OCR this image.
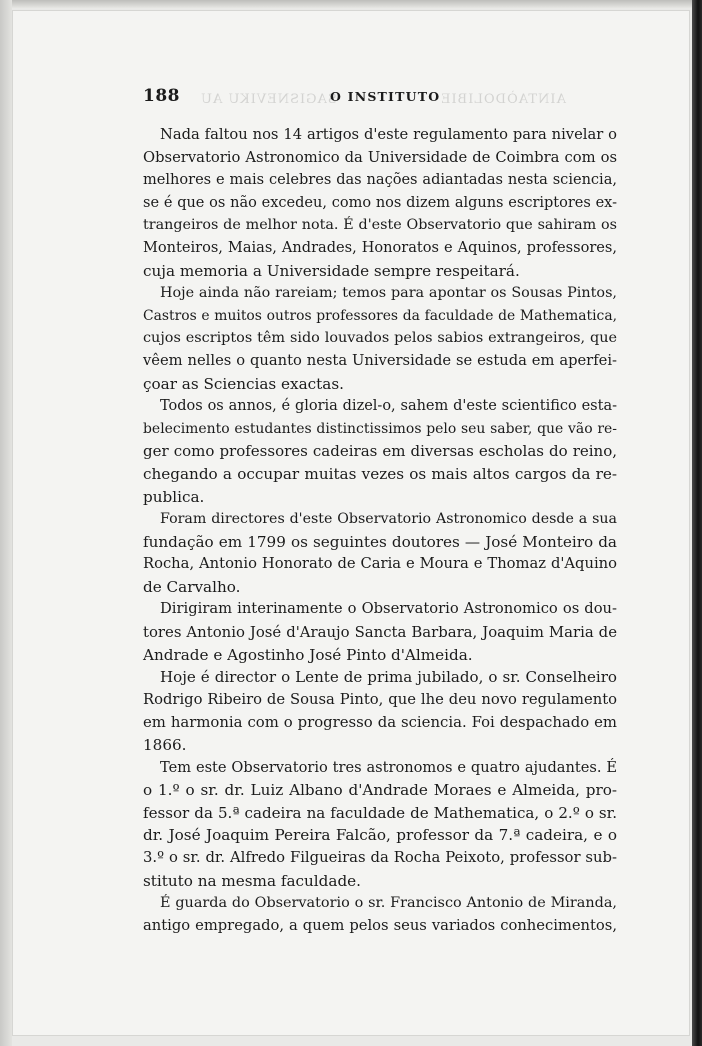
SAGISNEVIKU AU	AINTAÒDOLIBIE
188	O INSTITUTO
Nada faltou nos 14 artigos d'este regulamento para nivelar o
Observatorio Astronomico da Universidade de Coimbra com os
melhores e mais celebres das nações adiantadas nesta sciencia,
se é que os não excedeu, como nos dizem alguns escriptores ex-
trangeiros de melhor nota. É d'este Observatorio que sahiram os
Monteiros, Maias, Andrades, Honoratos e Aquinos, professores,
cuja memoria a Universidade sempre respeitará.
Hoje ainda não rareiam; temos para apontar os Sousas Pintos,
Castros e muitos outros professores da faculdade de Mathematica,
cujos escriptos têm sido louvados pelos sabios extrangeiros, que
vêem nelles o quanto nesta Universidade se estuda em aperfei-
çoar as Sciencias exactas.
Todos os annos, é gloria dizel-o, sahem d'este scientifico esta-
belecimento estudantes distinctissimos pelo seu saber, que vão re-
ger como professores cadeiras em diversas escholas do reino,
chegando a occupar muitas vezes os mais altos cargos da re-
publica.
Foram directores d'este Observatorio Astronomico desde a sua
fundação em 1799 os seguintes doutores — José Monteiro da
Rocha, Antonio Honorato de Caria e Moura e Thomaz d'Aquino
de Carvalho.
Dirigiram interinamente o Observatorio Astronomico os dou-
tores Antonio José d'Araujo Sancta Barbara, Joaquim Maria de
Andrade e Agostinho José Pinto d'Almeida.
Hoje é director o Lente de prima jubilado, o sr. Conselheiro
Rodrigo Ribeiro de Sousa Pinto, que lhe deu novo regulamento
em harmonia com o progresso da sciencia. Foi despachado em
1866.
Tem este Observatorio tres astronomos e quatro ajudantes. É
o 1.º o sr. dr. Luiz Albano d'Andrade Moraes e Almeida, pro-
fessor da 5.ª cadeira na faculdade de Mathematica, o 2.º o sr.
dr. José Joaquim Pereira Falcão, professor da 7.ª cadeira, e o
3.º o sr. dr. Alfredo Filgueiras da Rocha Peixoto, professor sub-
stituto na mesma faculdade.
É guarda do Observatorio o sr. Francisco Antonio de Miranda,
antigo empregado, a quem pelos seus variados conhecimentos,
